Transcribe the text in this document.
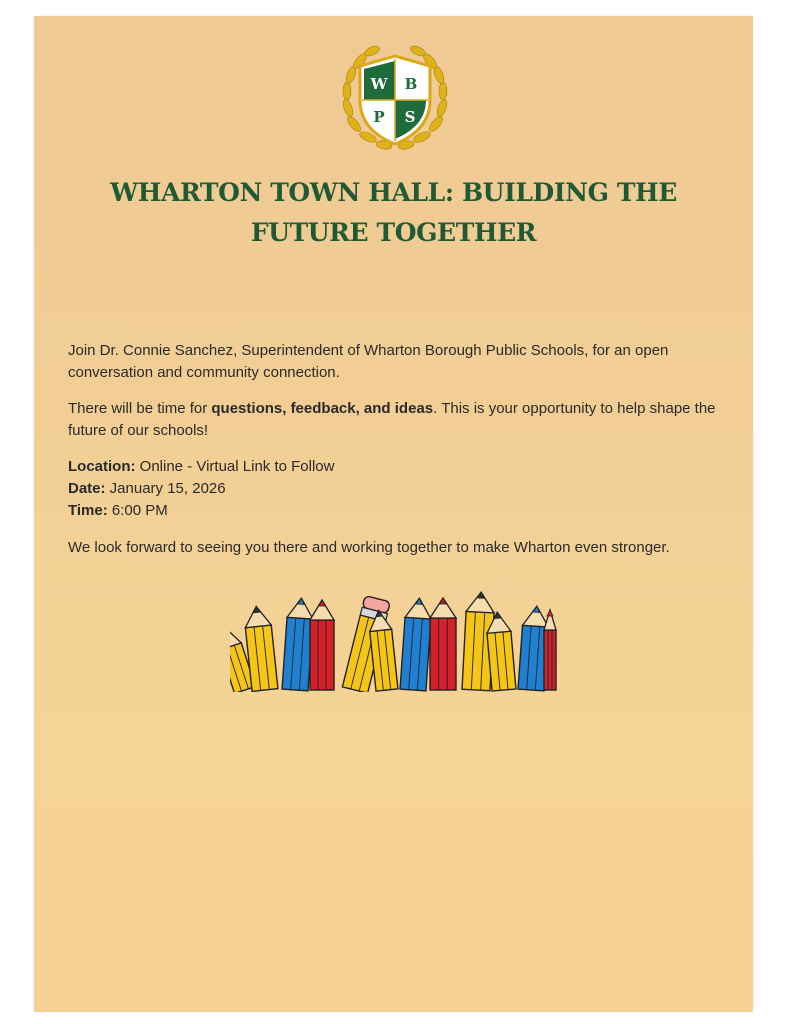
W B
P S
WHARTON TOWN HALL: BUILDING THE
FUTURE TOGETHER

Join Dr. Connie Sanchez, Superintendent of Wharton Borough Public Schools, for an open conversation and community connection.

There will be time for questions, feedback, and ideas. This is your opportunity to help shape the future of our schools!

Location: Online - Virtual Link to Follow
Date: January 15, 2026
Time: 6:00 PM

We look forward to seeing you there and working together to make Wharton even stronger.
